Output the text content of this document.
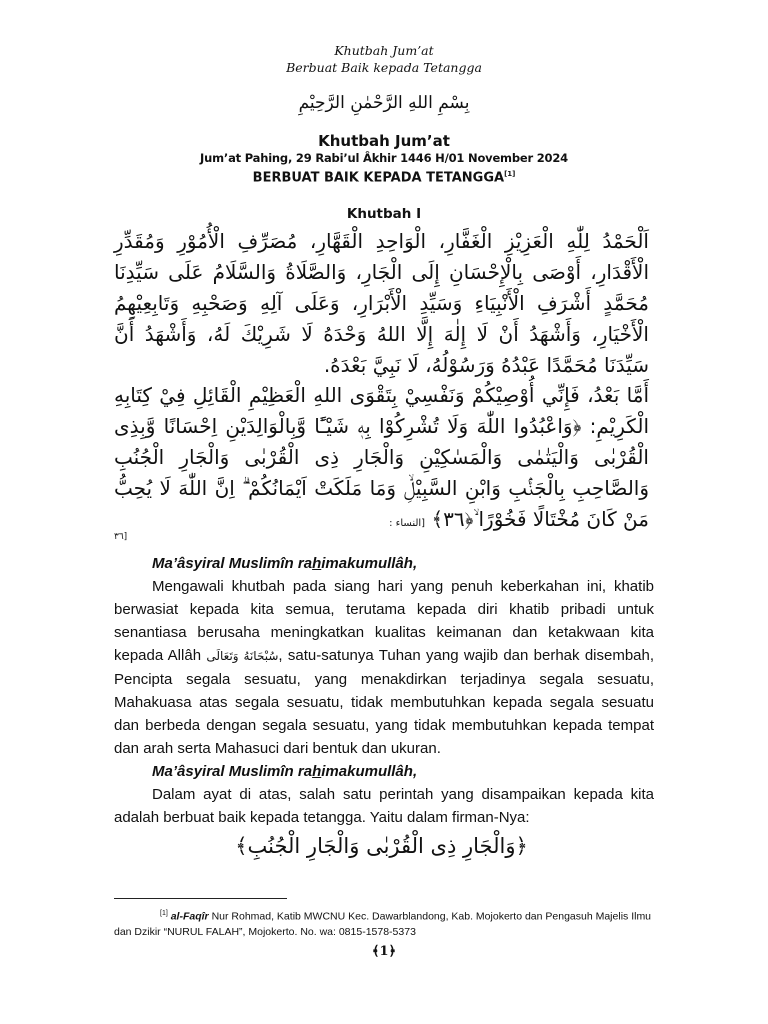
Khutbah Jum’at
Berbuat Baik kepada Tetangga
بِسْمِ اللهِ الرَّحْمٰنِ الرَّحِيْمِ
Khutbah Jum’at
Jum’at Pahing, 29 Rabi’ul Âkhir 1446 H/01 November 2024
BERBUAT BAIK KEPADA TETANGGA[1]
Khutbah I
اَلْحَمْدُ لِلّٰهِ الْعَزِيْزِ الْغَفَّارِ، الْوَاحِدِ الْقَهَّارِ، مُصَرِّفِ الْأُمُوْرِ وَمُقَدِّرِ الْأَقْدَارِ، أَوْصَى بِالْإِحْسَانِ إِلَى الْجَارِ، وَالصَّلَاةُ وَالسَّلَامُ عَلَى سَيِّدِنَا مُحَمَّدٍ أَشْرَفِ الْأَنْبِيَاءِ وَسَيِّدِ الْأَبْرَارِ، وَعَلَى آلِهِ وَصَحْبِهِ وَتَابِعِيْهِمُ الْأَخْيَارِ، وَأَشْهَدُ أَنْ لَا إِلٰهَ إِلَّا اللهُ وَحْدَهُ لَا شَرِيْكَ لَهُ، وَأَشْهَدُ أَنَّ سَيِّدَنَا مُحَمَّدًا عَبْدُهُ وَرَسُوْلُهُ، لَا نَبِيَّ بَعْدَهُ.
أَمَّا بَعْدُ، فَإِنِّي أُوْصِيْكُمْ وَنَفْسِيْ بِتَقْوَى اللهِ الْعَظِيْمِ الْقَائِلِ فِيْ كِتَابِهِ الْكَرِيْمِ: ﴿وَاعْبُدُوا اللّٰهَ وَلَا تُشْرِكُوْا بِهٖ شَيْـًٔا وَّبِالْوَالِدَيْنِ اِحْسَانًا وَّبِذِى الْقُرْبٰى وَالْيَتٰمٰى وَالْمَسٰكِيْنِ وَالْجَارِ ذِى الْقُرْبٰى وَالْجَارِ الْجُنُبِ وَالصَّاحِبِ بِالْجَنْۢبِ وَابْنِ السَّبِيْلِۙ وَمَا مَلَكَتْ اَيْمَانُكُمْ ۗ اِنَّ اللّٰهَ لَا يُحِبُّ مَنْ كَانَ مُخْتَالًا فَخُوْرًا ۙ﴿٣٦﴾ [النساء :
٣٦]

Ma’âsyiral Muslimîn rahimakumullâh,

Mengawali khutbah pada siang hari yang penuh keberkahan ini, khatib berwasiat kepada kita semua, terutama kepada diri khatib pribadi untuk senantiasa berusaha meningkatkan kualitas keimanan dan ketakwaan kita kepada Allâh سُبْحَانَهُ وَتَعَالَى, satu-satunya Tuhan yang wajib dan berhak disembah, Pencipta segala sesuatu, yang menakdirkan terjadinya segala sesuatu, Mahakuasa atas segala sesuatu, tidak membutuhkan kepada segala sesuatu dan berbeda dengan segala sesuatu, yang tidak membutuhkan kepada tempat dan arah serta Mahasuci dari bentuk dan ukuran.

Ma’âsyiral Muslimîn rahimakumullâh,

Dalam ayat di atas, salah satu perintah yang disampaikan kepada kita adalah berbuat baik kepada tetangga. Yaitu dalam firman-Nya:

﴿وَالْجَارِ ذِى الْقُرْبٰى وَالْجَارِ الْجُنُبِ﴾
[1] al-Faqîr Nur Rohmad, Katib MWCNU Kec. Dawarblandong, Kab. Mojokerto dan Pengasuh Majelis Ilmu dan Dzikir “NURUL FALAH”, Mojokerto. No. wa: 0815-1578-5373
﴾1﴿
